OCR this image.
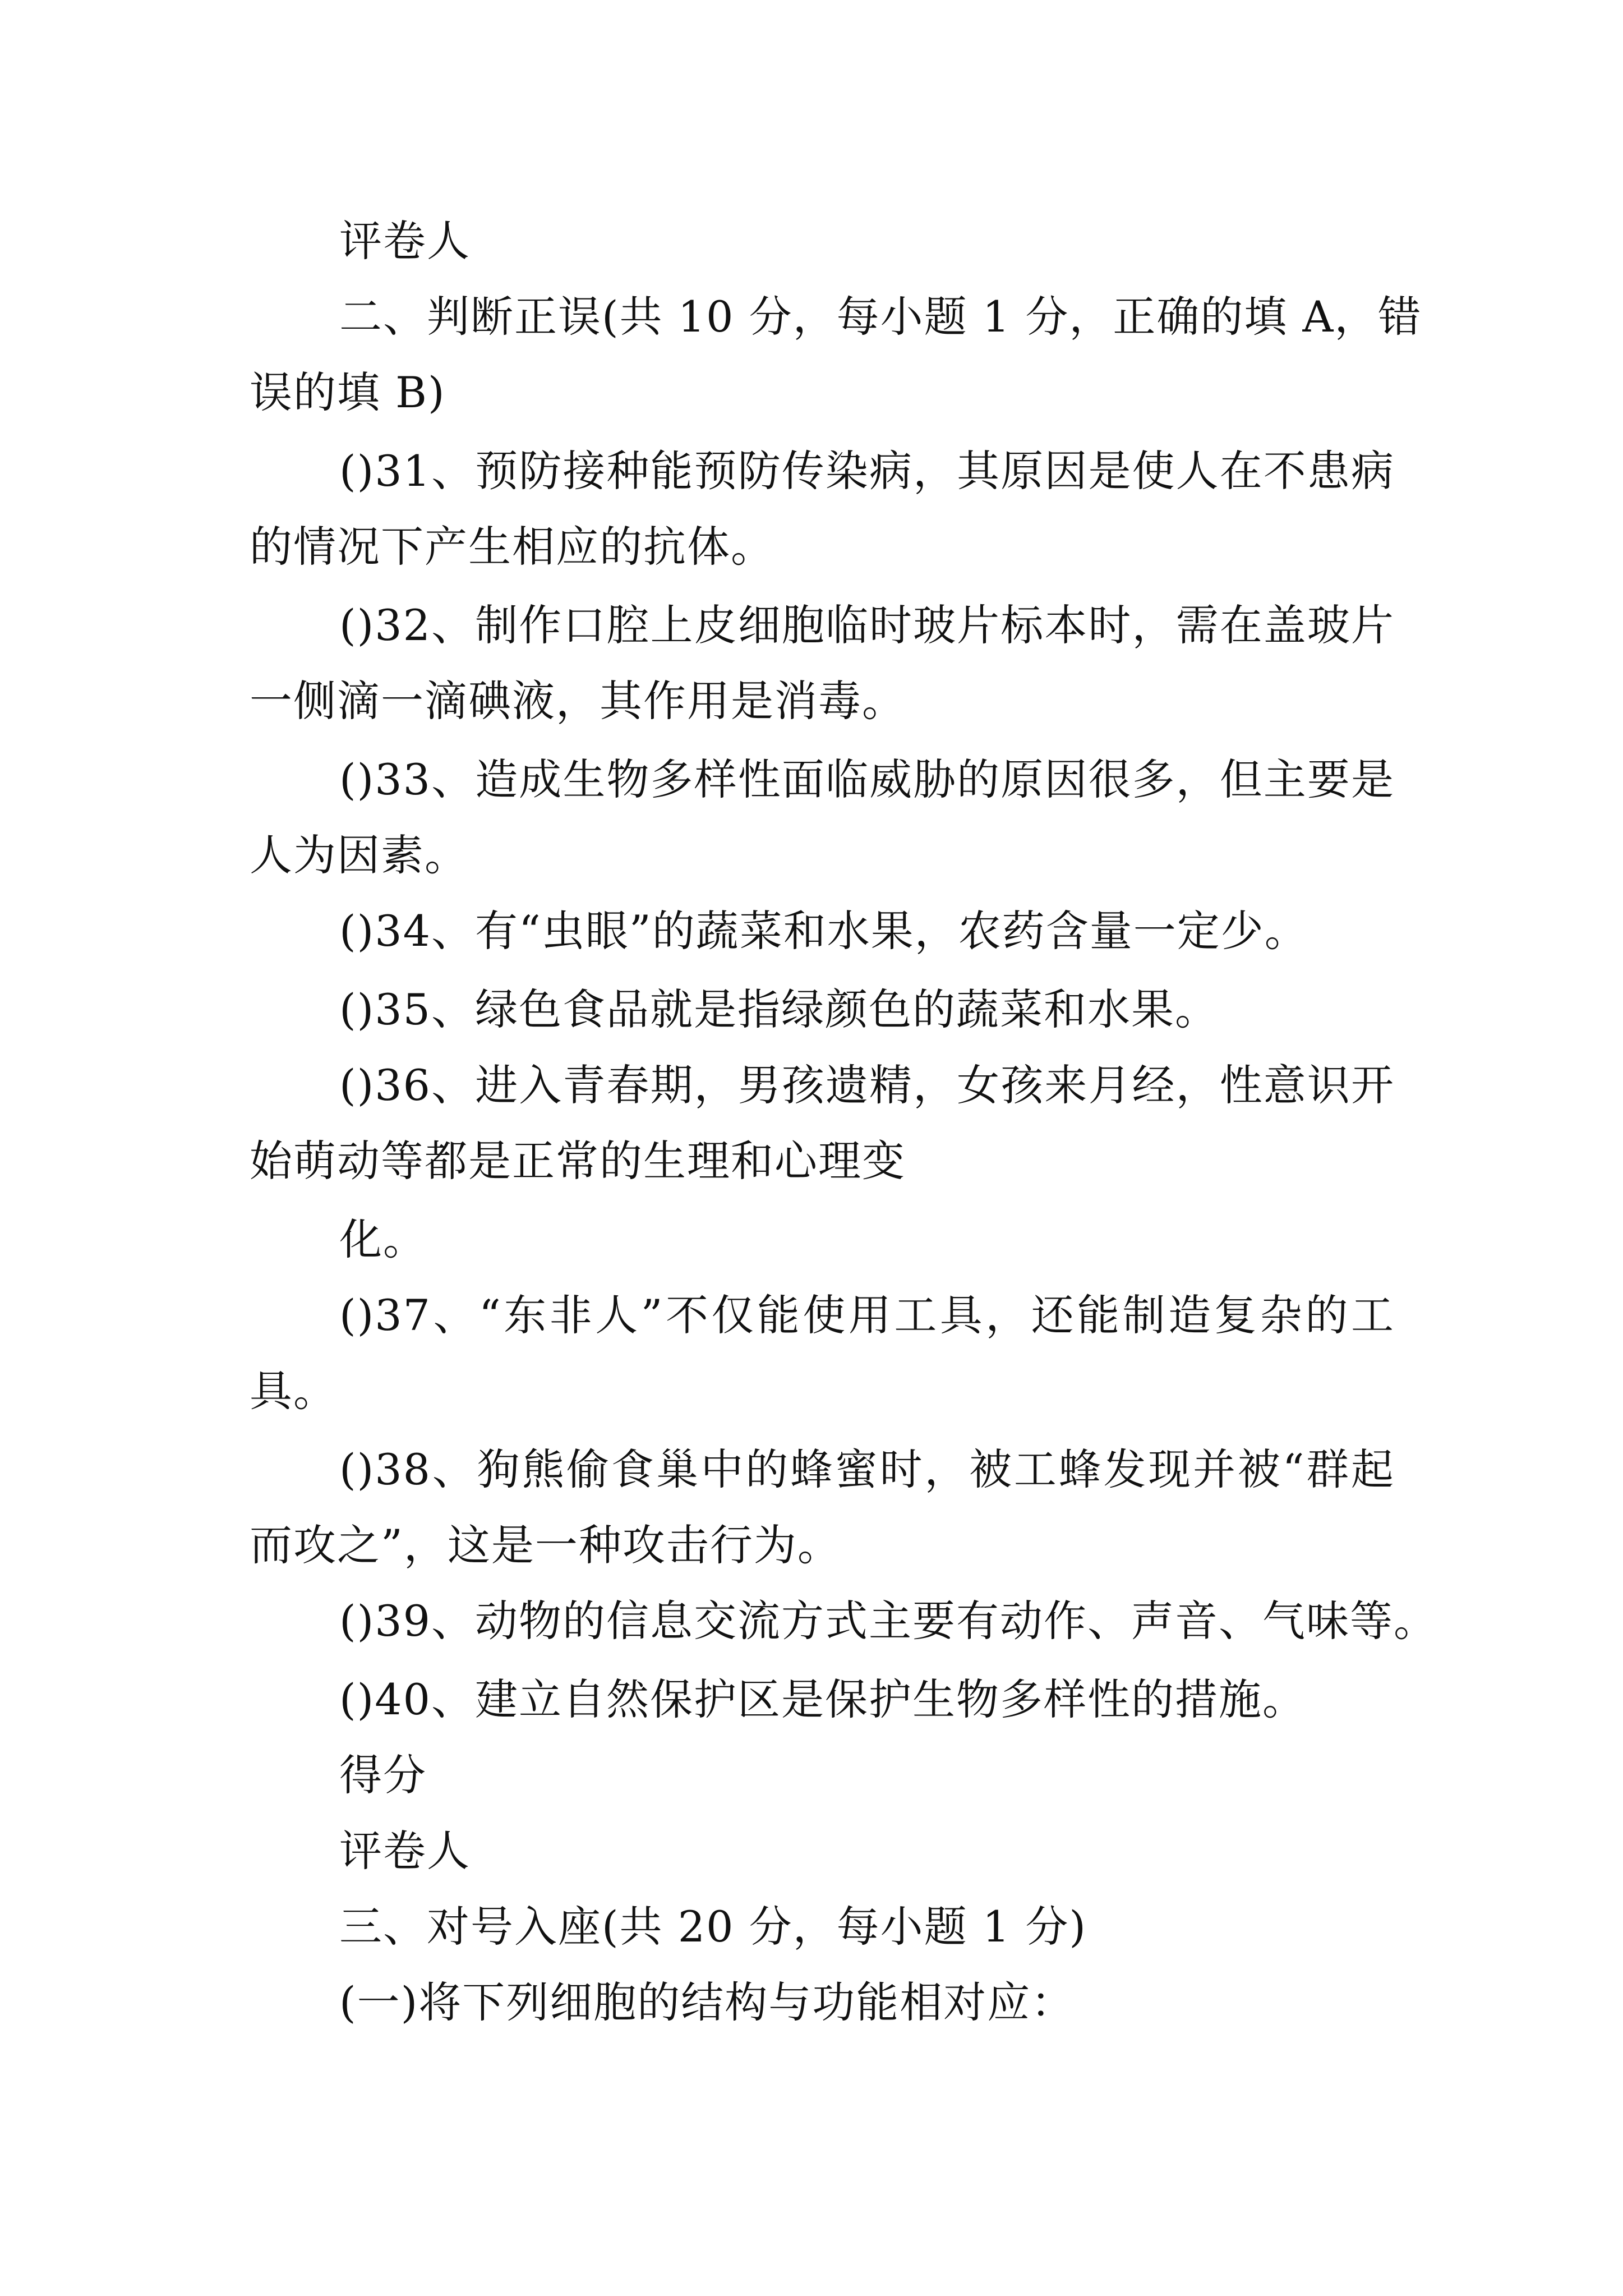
评卷人

二、判断正误(共 10 分，每小题 1 分，正确的填 A，错

误的填 B)

()31、预防接种能预防传染病，其原因是使人在不患病

的情况下产生相应的抗体。

()32、制作口腔上皮细胞临时玻片标本时，需在盖玻片

一侧滴一滴碘液，其作用是消毒。

()33、造成生物多样性面临威胁的原因很多，但主要是

人为因素。

()34、有“虫眼”的蔬菜和水果，农药含量一定少。

()35、绿色食品就是指绿颜色的蔬菜和水果。

()36、进入青春期，男孩遗精，女孩来月经，性意识开

始萌动等都是正常的生理和心理变

化。

()37、“东非人”不仅能使用工具，还能制造复杂的工

具。

()38、狗熊偷食巢中的蜂蜜时，被工蜂发现并被“群起

而攻之”，这是一种攻击行为。

()39、动物的信息交流方式主要有动作、声音、气味等。

()40、建立自然保护区是保护生物多样性的措施。

得分

评卷人

三、对号入座(共 20 分，每小题 1 分)

(一)将下列细胞的结构与功能相对应：
